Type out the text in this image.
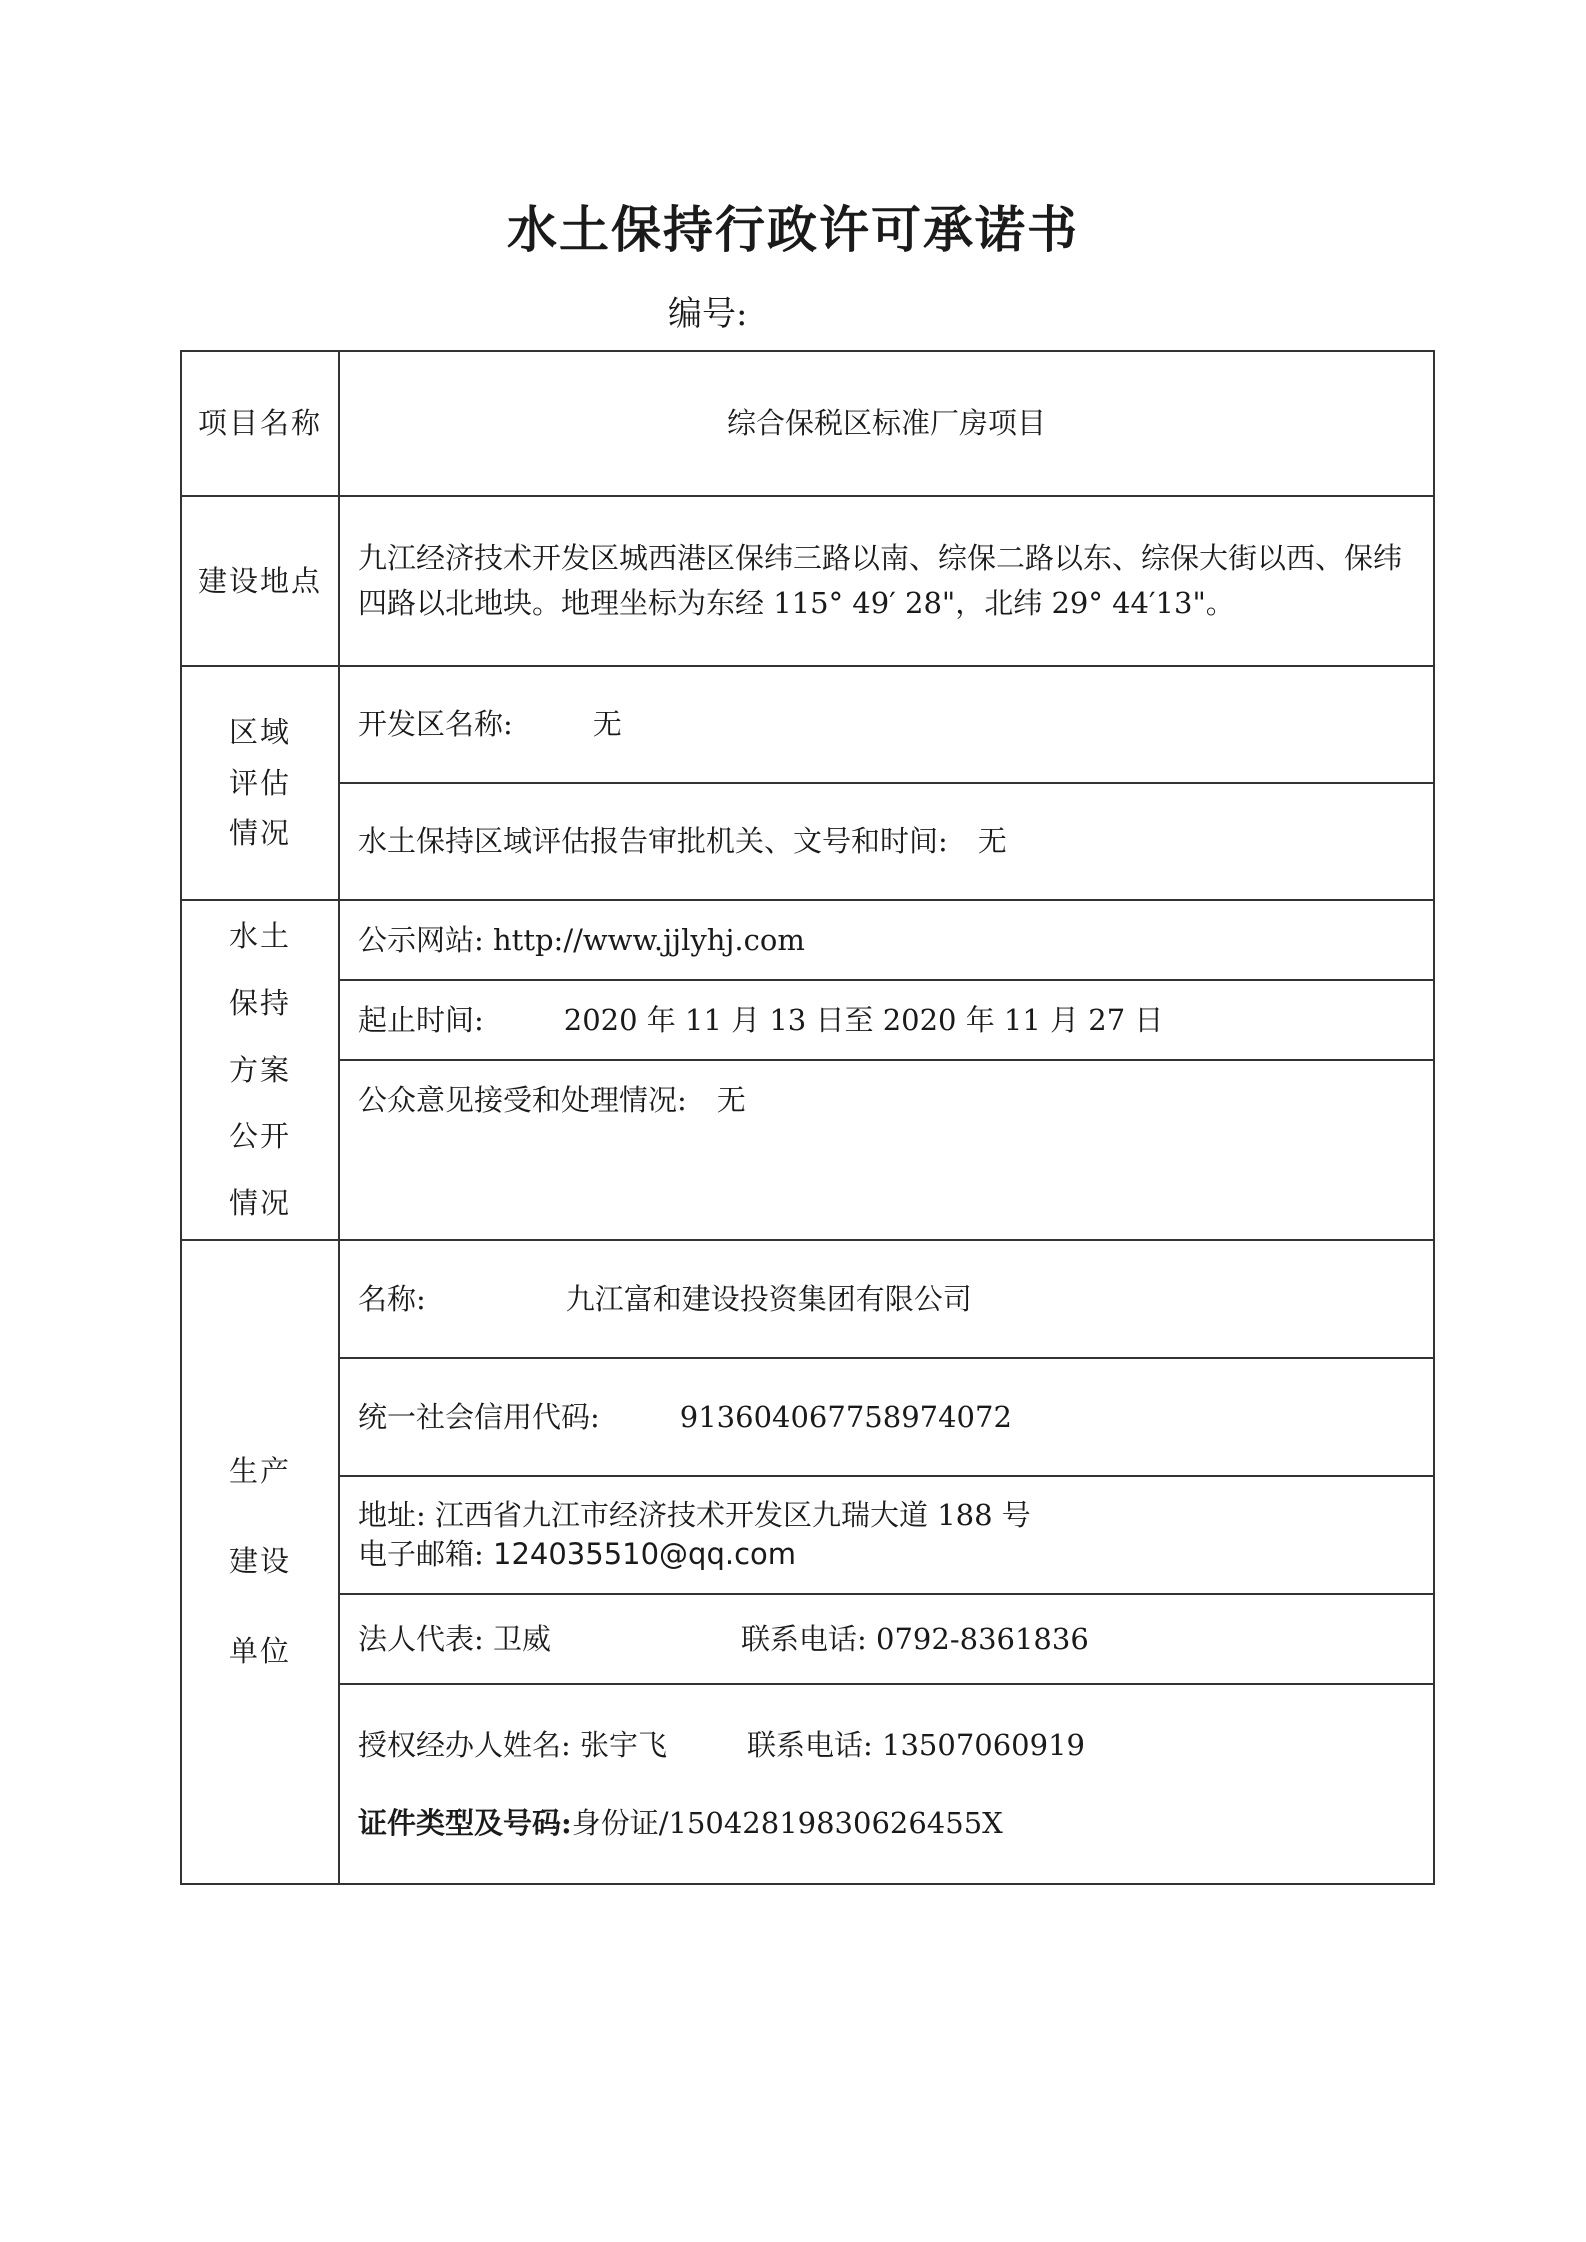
水土保持行政许可承诺书
编号:
项目名称	综合保税区标准厂房项目
建设地点	九江经济技术开发区城西港区保纬三路以南、综保二路以东、综保大街以西、保纬四路以北地块。地理坐标为东经 115° 49′ 28"，北纬 29° 44′13"。

区域
评估
情况	开发区名称: 无
	水土保持区域评估报告审批机关、文号和时间: 无

水土
保持
方案
公开
情况	公示网站: http://www.jjlyhj.com
	起止时间: 2020 年 11 月 13 日至 2020 年 11 月 27 日
	公众意见接受和处理情况: 无

生产
建设
单位	名称: 九江富和建设投资集团有限公司
	统一社会信用代码: 913604067758974072

	地址: 江西省九江市经济技术开发区九瑞大道 188 号
电子邮箱: 124035510@qq.com

	法人代表: 卫威 联系电话: 0792-8361836

	授权经办人姓名: 张宇飞 联系电话: 13507060919
证件类型及号码:身份证/15042819830626455X
